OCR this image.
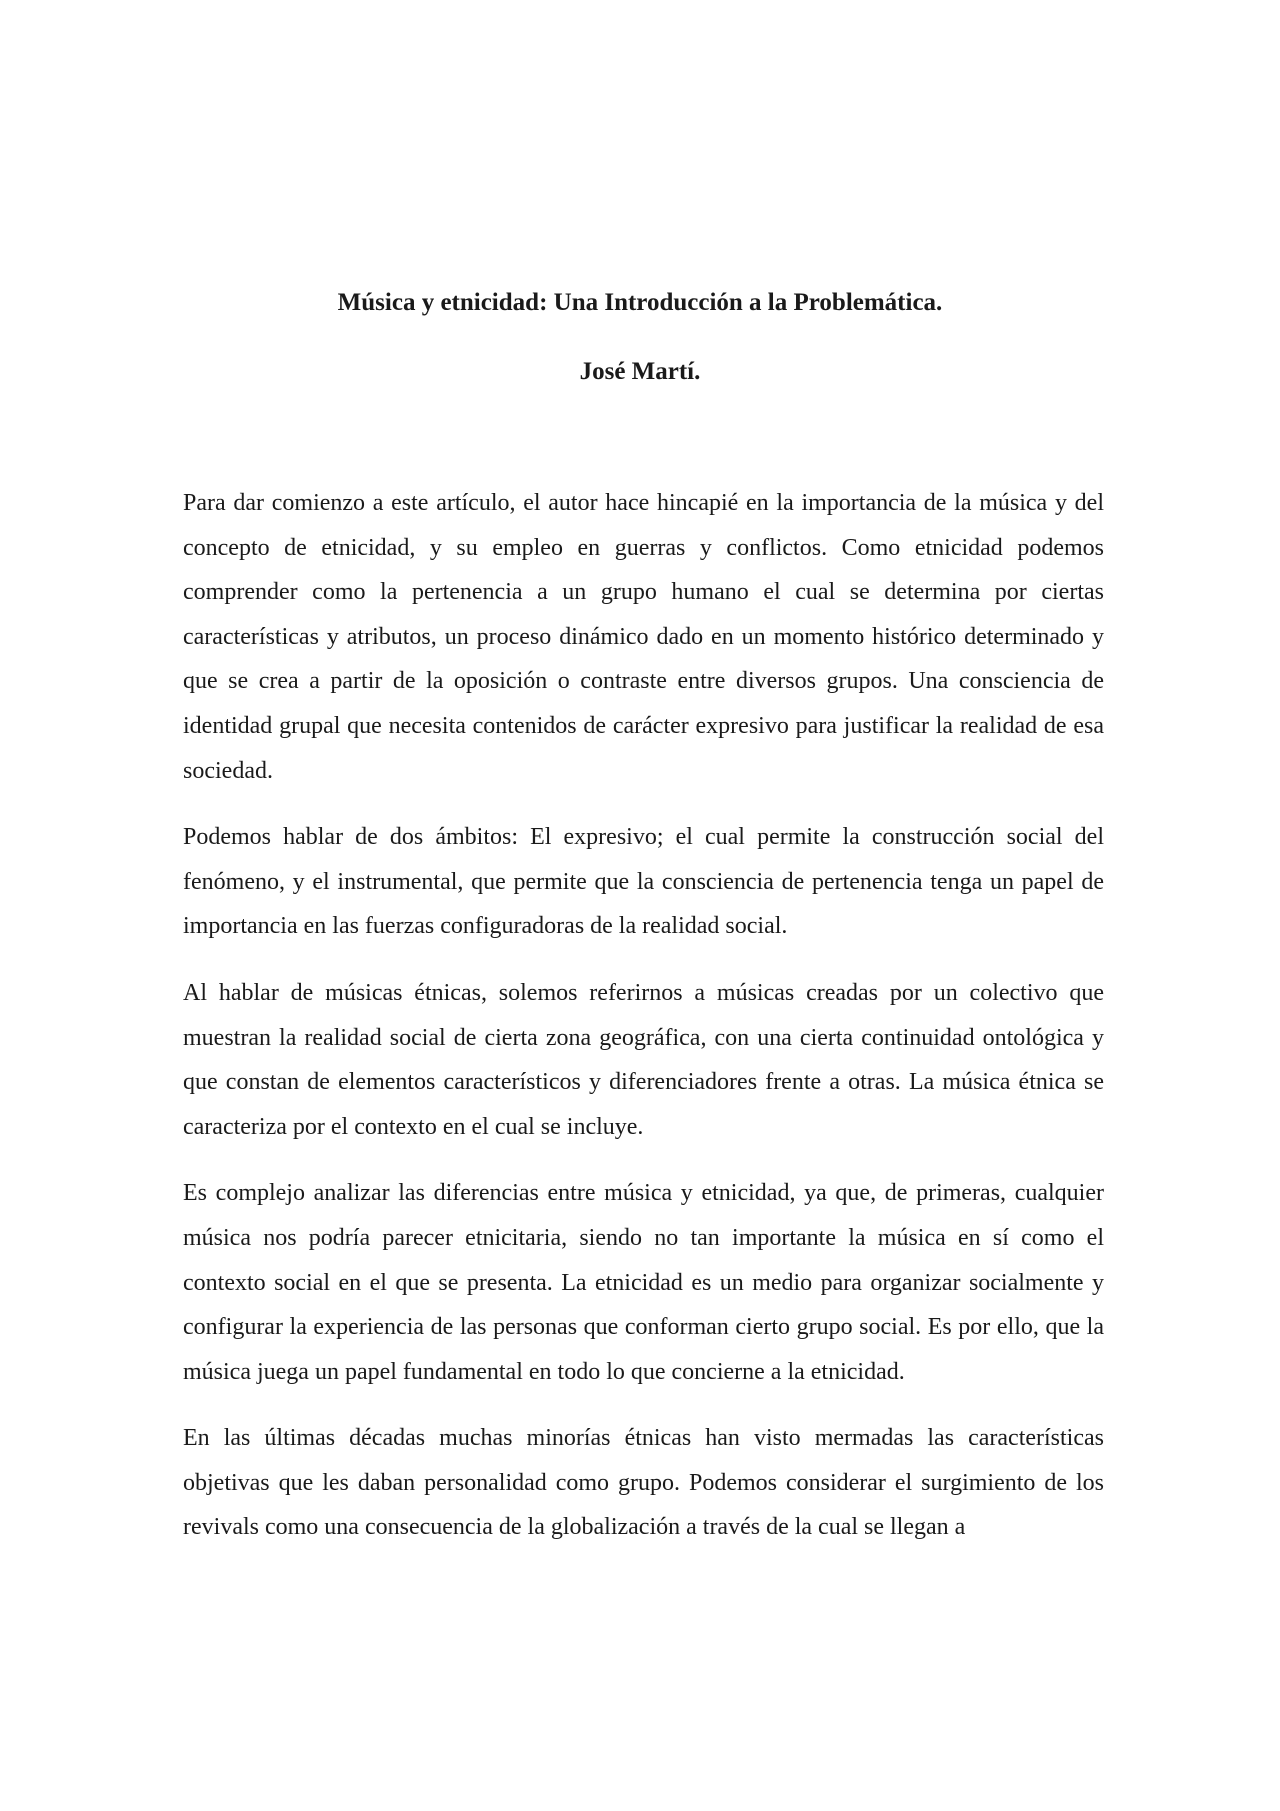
Música y etnicidad: Una Introducción a la Problemática.
José Martí.

Para dar comienzo a este artículo, el autor hace hincapié en la importancia de la música y del concepto de etnicidad, y su empleo en guerras y conflictos. Como etnicidad podemos comprender como la pertenencia a un grupo humano el cual se determina por ciertas características y atributos, un proceso dinámico dado en un momento histórico determinado y que se crea a partir de la oposición o contraste entre diversos grupos. Una consciencia de identidad grupal que necesita contenidos de carácter expresivo para justificar la realidad de esa sociedad.

Podemos hablar de dos ámbitos: El expresivo; el cual permite la construcción social del fenómeno, y el instrumental, que permite que la consciencia de pertenencia tenga un papel de importancia en las fuerzas configuradoras de la realidad social.

Al hablar de músicas étnicas, solemos referirnos a músicas creadas por un colectivo que muestran la realidad social de cierta zona geográfica, con una cierta continuidad ontológica y que constan de elementos característicos y diferenciadores frente a otras. La música étnica se caracteriza por el contexto en el cual se incluye.

Es complejo analizar las diferencias entre música y etnicidad, ya que, de primeras, cualquier música nos podría parecer etnicitaria, siendo no tan importante la música en sí como el contexto social en el que se presenta. La etnicidad es un medio para organizar socialmente y configurar la experiencia de las personas que conforman cierto grupo social. Es por ello, que la música juega un papel fundamental en todo lo que concierne a la etnicidad.

En las últimas décadas muchas minorías étnicas han visto mermadas las características objetivas que les daban personalidad como grupo. Podemos considerar el surgimiento de los revivals como una consecuencia de la globalización a través de la cual se llegan a
